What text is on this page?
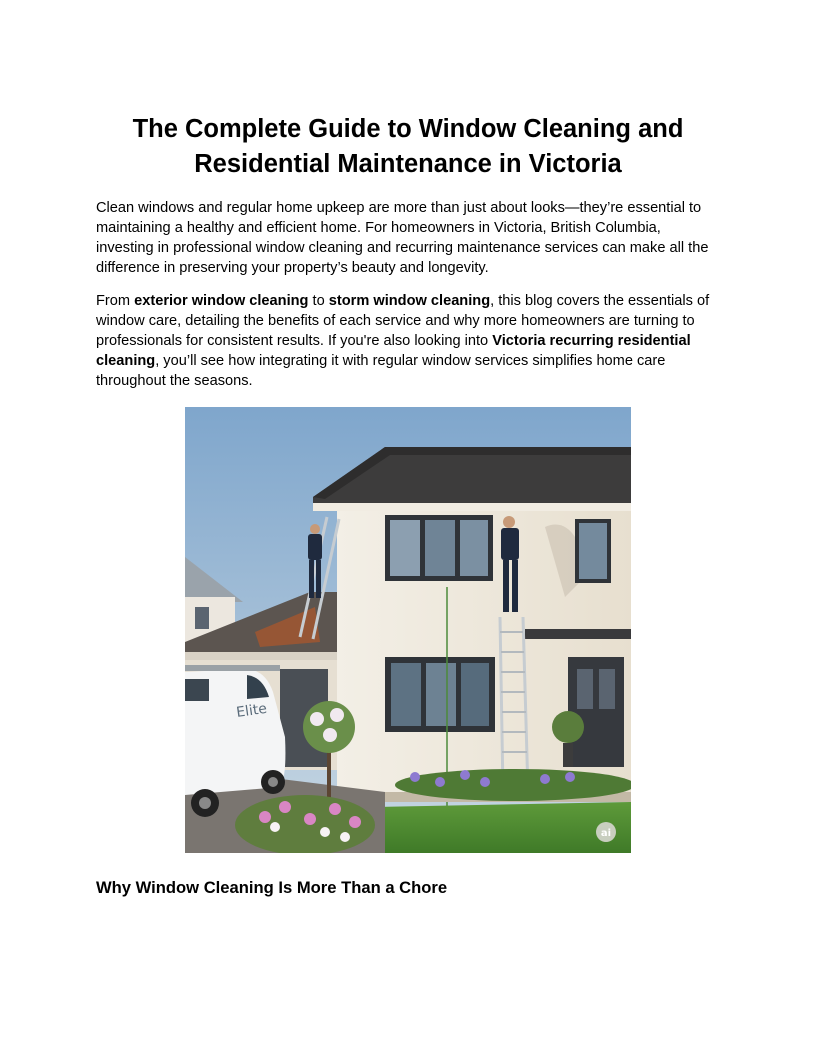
The Complete Guide to Window Cleaning and Residential Maintenance in Victoria

Clean windows and regular home upkeep are more than just about looks—they’re essential to maintaining a healthy and efficient home. For homeowners in Victoria, British Columbia, investing in professional window cleaning and recurring maintenance services can make all the difference in preserving your property’s beauty and longevity.

From exterior window cleaning to storm window cleaning, this blog covers the essentials of window care, detailing the benefits of each service and why more homeowners are turning to professionals for consistent results. If you're also looking into Victoria recurring residential cleaning, you’ll see how integrating it with regular window services simplifies home care throughout the seasons.

Elite
ai
Why Window Cleaning Is More Than a Chore
